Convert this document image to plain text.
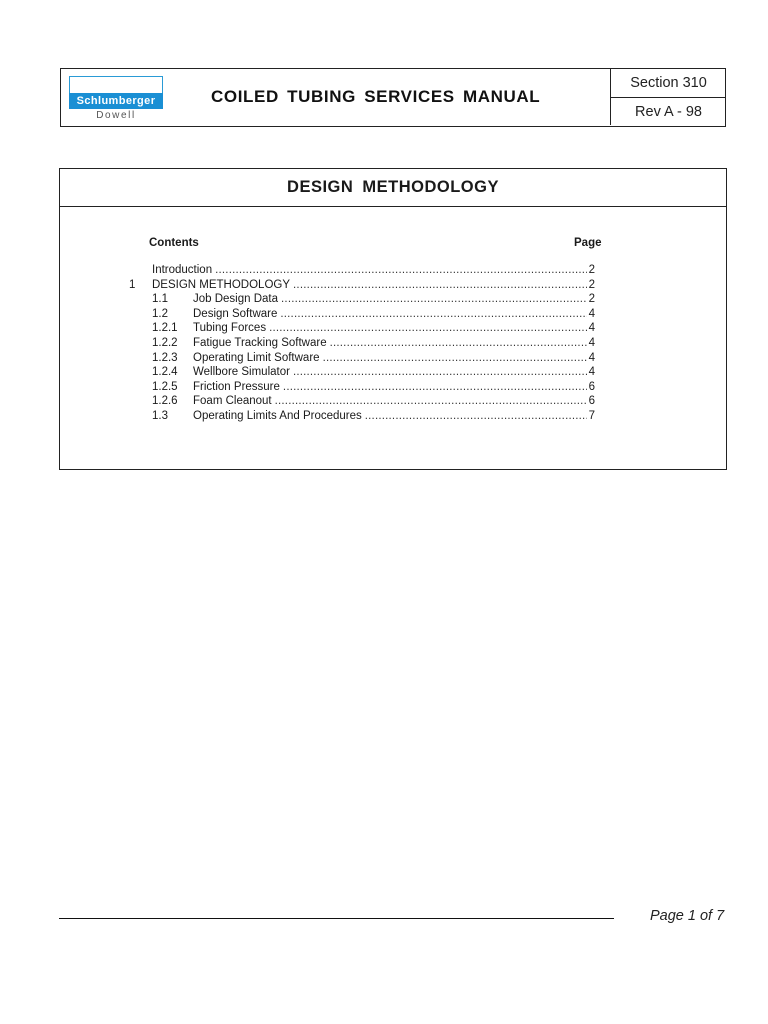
Schlumberger
Dowell
COILED TUBING SERVICES MANUAL
Section 310
Rev A - 98
DESIGN METHODOLOGY
Contents	Page
Introduction .....	2
1 DESIGN METHODOLOGY .....	2
1.1 Job Design Data .....	2
1.2 Design Software .....	4
1.2.1 Tubing Forces .....	4
1.2.2 Fatigue Tracking Software .....	4
1.2.3 Operating Limit Software .....	4
1.2.4 Wellbore Simulator .....	4
1.2.5 Friction Pressure .....	6
1.2.6 Foam Cleanout .....	6
1.3 Operating Limits And Procedures .....	7
Page 1 of 7
